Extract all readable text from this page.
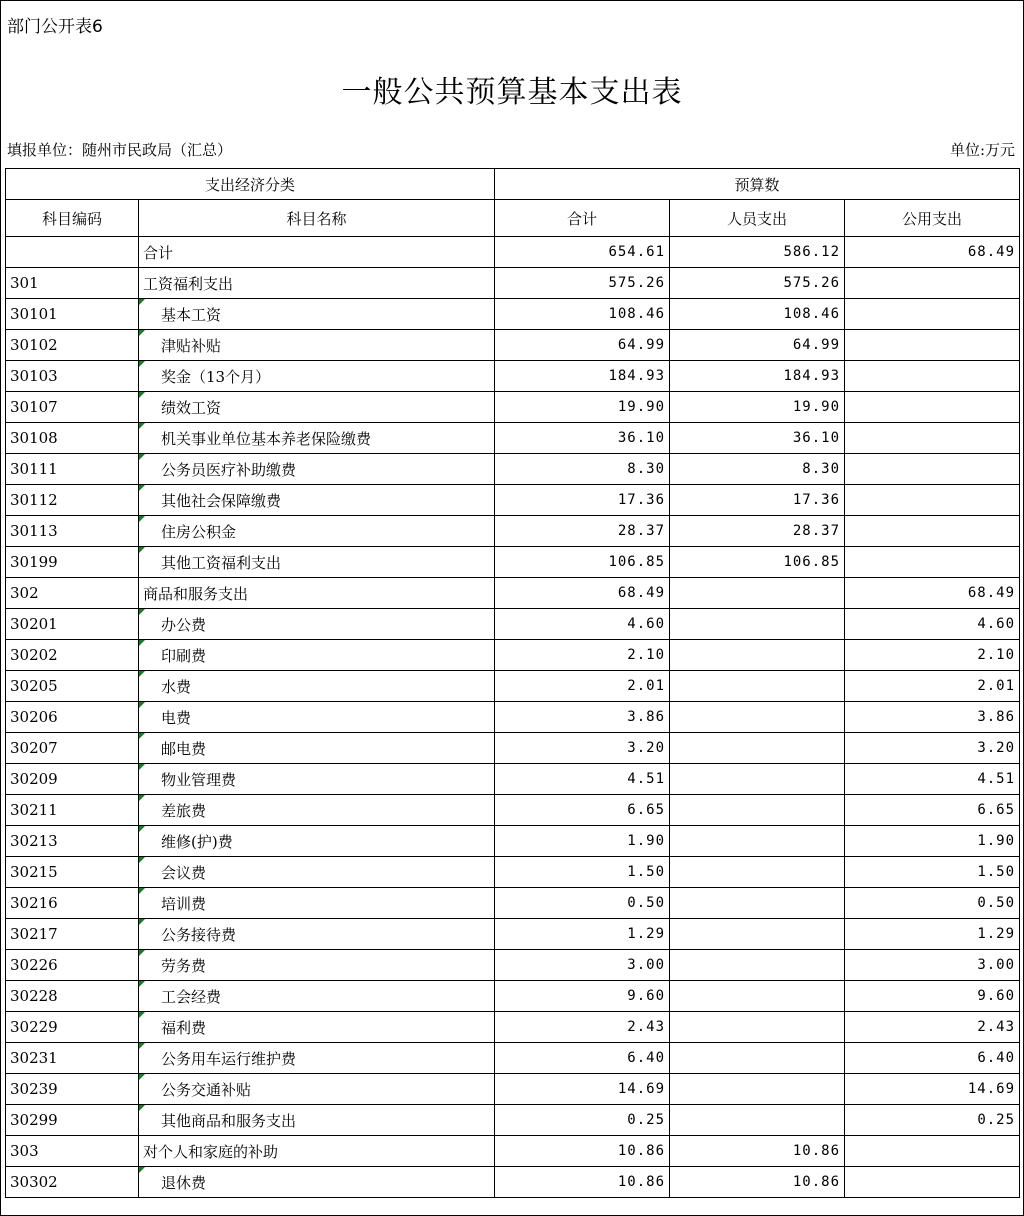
部门公开表6
一般公共预算基本支出表
填报单位：随州市民政局（汇总）	单位:万元
支出经济分类		预算数		
科目编码	科目名称	合计	人员支出	公用支出
	合计	654.61	586.12	68.49
301	工资福利支出	575.26	575.26	
30101	基本工资	108.46	108.46	
30102	津贴补贴	64.99	64.99	
30103	奖金（13个月）	184.93	184.93	
30107	绩效工资	19.90	19.90	
30108	机关事业单位基本养老保险缴费	36.10	36.10	
30111	公务员医疗补助缴费	8.30	8.30	
30112	其他社会保障缴费	17.36	17.36	
30113	住房公积金	28.37	28.37	
30199	其他工资福利支出	106.85	106.85	
302	商品和服务支出	68.49		68.49
30201	办公费	4.60		4.60
30202	印刷费	2.10		2.10
30205	水费	2.01		2.01
30206	电费	3.86		3.86
30207	邮电费	3.20		3.20
30209	物业管理费	4.51		4.51
30211	差旅费	6.65		6.65
30213	维修(护)费	1.90		1.90
30215	会议费	1.50		1.50
30216	培训费	0.50		0.50
30217	公务接待费	1.29		1.29
30226	劳务费	3.00		3.00
30228	工会经费	9.60		9.60
30229	福利费	2.43		2.43
30231	公务用车运行维护费	6.40		6.40
30239	公务交通补贴	14.69		14.69
30299	其他商品和服务支出	0.25		0.25
303	对个人和家庭的补助	10.86	10.86	
30302	退休费	10.86	10.86	
